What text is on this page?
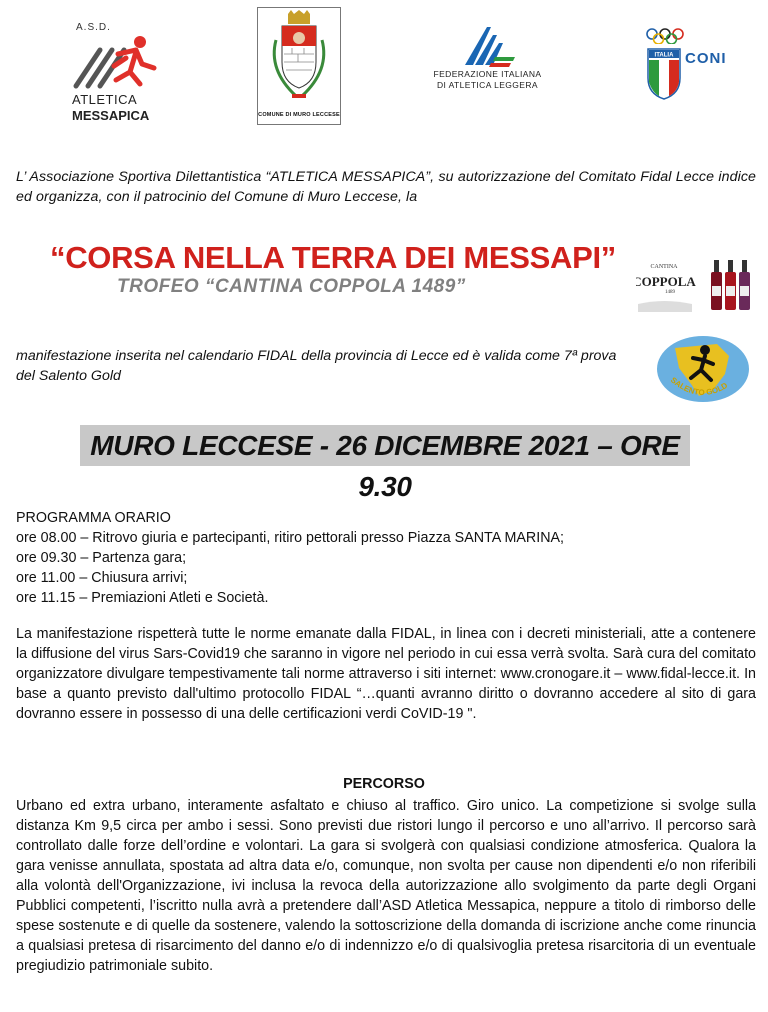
A.S.D.
ATLETICA
MESSAPICA	COMUNE DI MURO LECCESE
FEDERAZIONE ITALIANA
DI ATLETICA LEGGERA
ITALIA CONI
L’ Associazione Sportiva Dilettantistica “ATLETICA MESSAPICA”, su autorizzazione del Comitato Fidal Lecce indice ed organizza, con il patrocinio del Comune di Muro Leccese, la
“CORSA NELLA TERRA DEI MESSAPI”
TROFEO “CANTINA COPPOLA 1489”
CANTINA
COPPOLA
1489
manifestazione inserita nel calendario FIDAL della provincia di Lecce ed è valida come 7ª prova del Salento Gold	SALENTO GOLD
MURO LECCESE - 26 DICEMBRE 2021 – ORE 9.30
PROGRAMMA ORARIO
ore 08.00 – Ritrovo giuria e partecipanti, ritiro pettorali presso Piazza SANTA MARINA;
ore 09.30 – Partenza gara;
ore 11.00 – Chiusura arrivi;
ore 11.15 – Premiazioni Atleti e Società.
La manifestazione rispetterà tutte le norme emanate dalla FIDAL, in linea con i decreti ministeriali, atte a contenere la diffusione del virus Sars-Covid19 che saranno in vigore nel periodo in cui essa verrà svolta. Sarà cura del comitato organizzatore divulgare tempestivamente tali norme attraverso i siti internet: www.cronogare.it – www.fidal-lecce.it. In base a quanto previsto dall'ultimo protocollo FIDAL “…quanti avranno diritto o dovranno accedere al sito di gara dovranno essere in possesso di una delle certificazioni verdi CoVID-19 ".
PERCORSO
Urbano ed extra urbano, interamente asfaltato e chiuso al traffico. Giro unico. La competizione si svolge sulla distanza Km 9,5 circa per ambo i sessi. Sono previsti due ristori lungo il percorso e uno all’arrivo. Il percorso sarà controllato dalle forze dell’ordine e volontari. La gara si svolgerà con qualsiasi condizione atmosferica. Qualora la gara venisse annullata, spostata ad altra data e/o, comunque, non svolta per cause non dipendenti e/o non riferibili alla volontà dell'Organizzazione, ivi inclusa la revoca della autorizzazione allo svolgimento da parte degli Organi Pubblici competenti, l’iscritto nulla avrà a pretendere dall’ASD Atletica Messapica, neppure a titolo di rimborso delle spese sostenute e di quelle da sostenere, valendo la sottoscrizione della domanda di iscrizione anche come rinuncia a qualsiasi pretesa di risarcimento del danno e/o di indennizzo e/o di qualsivoglia pretesa risarcitoria di un eventuale pregiudizio patrimoniale subito.
